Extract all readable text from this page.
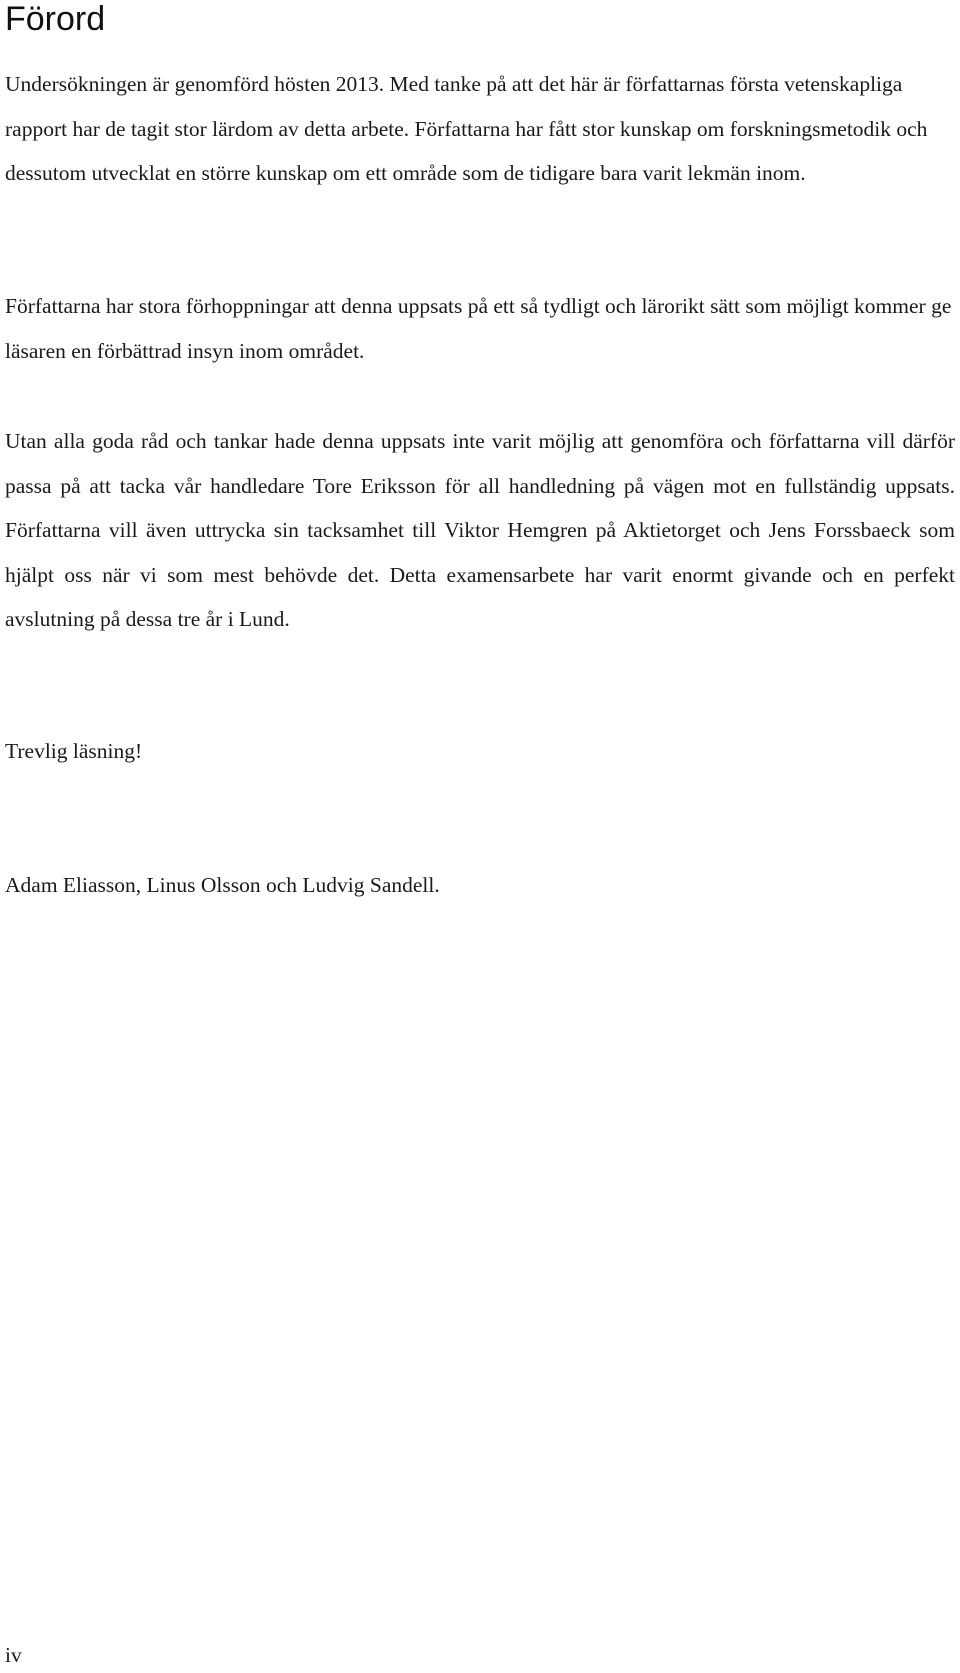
Förord

Undersökningen är genomförd hösten 2013. Med tanke på att det här är författarnas första vetenskapliga rapport har de tagit stor lärdom av detta arbete. Författarna har fått stor kunskap om forskningsmetodik och dessutom utvecklat en större kunskap om ett område som de tidigare bara varit lekmän inom.

Författarna har stora förhoppningar att denna uppsats på ett så tydligt och lärorikt sätt som möjligt kommer ge läsaren en förbättrad insyn inom området.

Utan alla goda råd och tankar hade denna uppsats inte varit möjlig att genomföra och författarna vill därför passa på att tacka vår handledare Tore Eriksson för all handledning på vägen mot en fullständig uppsats. Författarna vill även uttrycka sin tacksamhet till Viktor Hemgren på Aktietorget och Jens Forssbaeck som hjälpt oss när vi som mest behövde det. Detta examensarbete har varit enormt givande och en perfekt avslutning på dessa tre år i Lund.

Trevlig läsning!

Adam Eliasson, Linus Olsson och Ludvig Sandell.

iv
